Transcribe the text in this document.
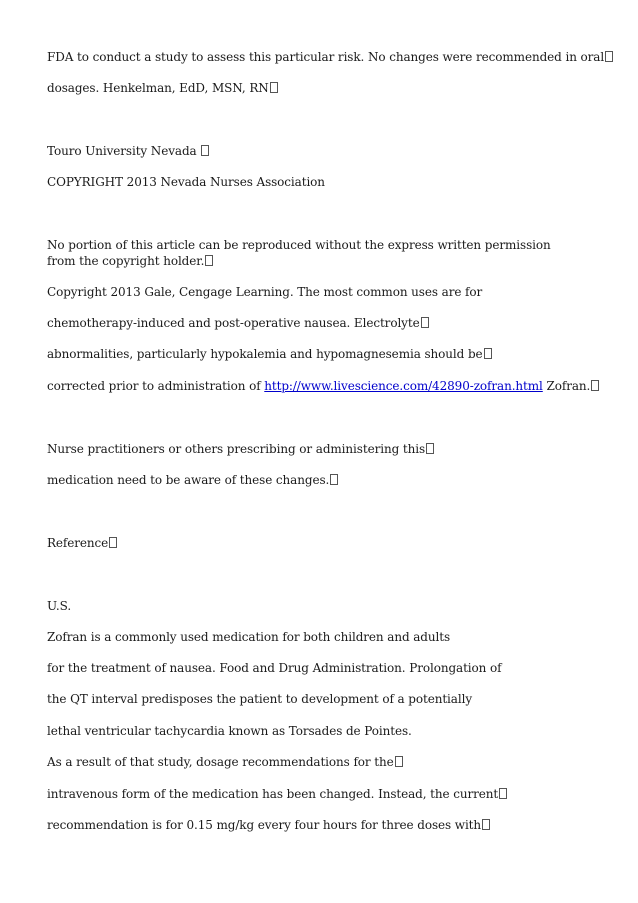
FDA to conduct a study to assess this particular risk. No changes were recommended in oral
dosages. Henkelman, EdD, MSN, RN
Touro University Nevada
COPYRIGHT 2013 Nevada Nurses Association
No portion of this article can be reproduced without the express written permission from the copyright holder.
Copyright 2013 Gale, Cengage Learning. The most common uses are for
chemotherapy-induced and post-operative nausea. Electrolyte
abnormalities, particularly hypokalemia and hypomagnesemia should be
corrected prior to administration of http://www.livescience.com/42890-zofran.html Zofran.
Nurse practitioners or others prescribing or administering this
medication need to be aware of these changes.
Reference
U.S.
Zofran is a commonly used medication for both children and adults
for the treatment of nausea. Food and Drug Administration. Prolongation of
the QT interval predisposes the patient to development of a potentially
lethal ventricular tachycardia known as Torsades de Pointes.
As a result of that study, dosage recommendations for the
intravenous form of the medication has been changed. Instead, the current
recommendation is for 0.15 mg/kg every four hours for three doses with
